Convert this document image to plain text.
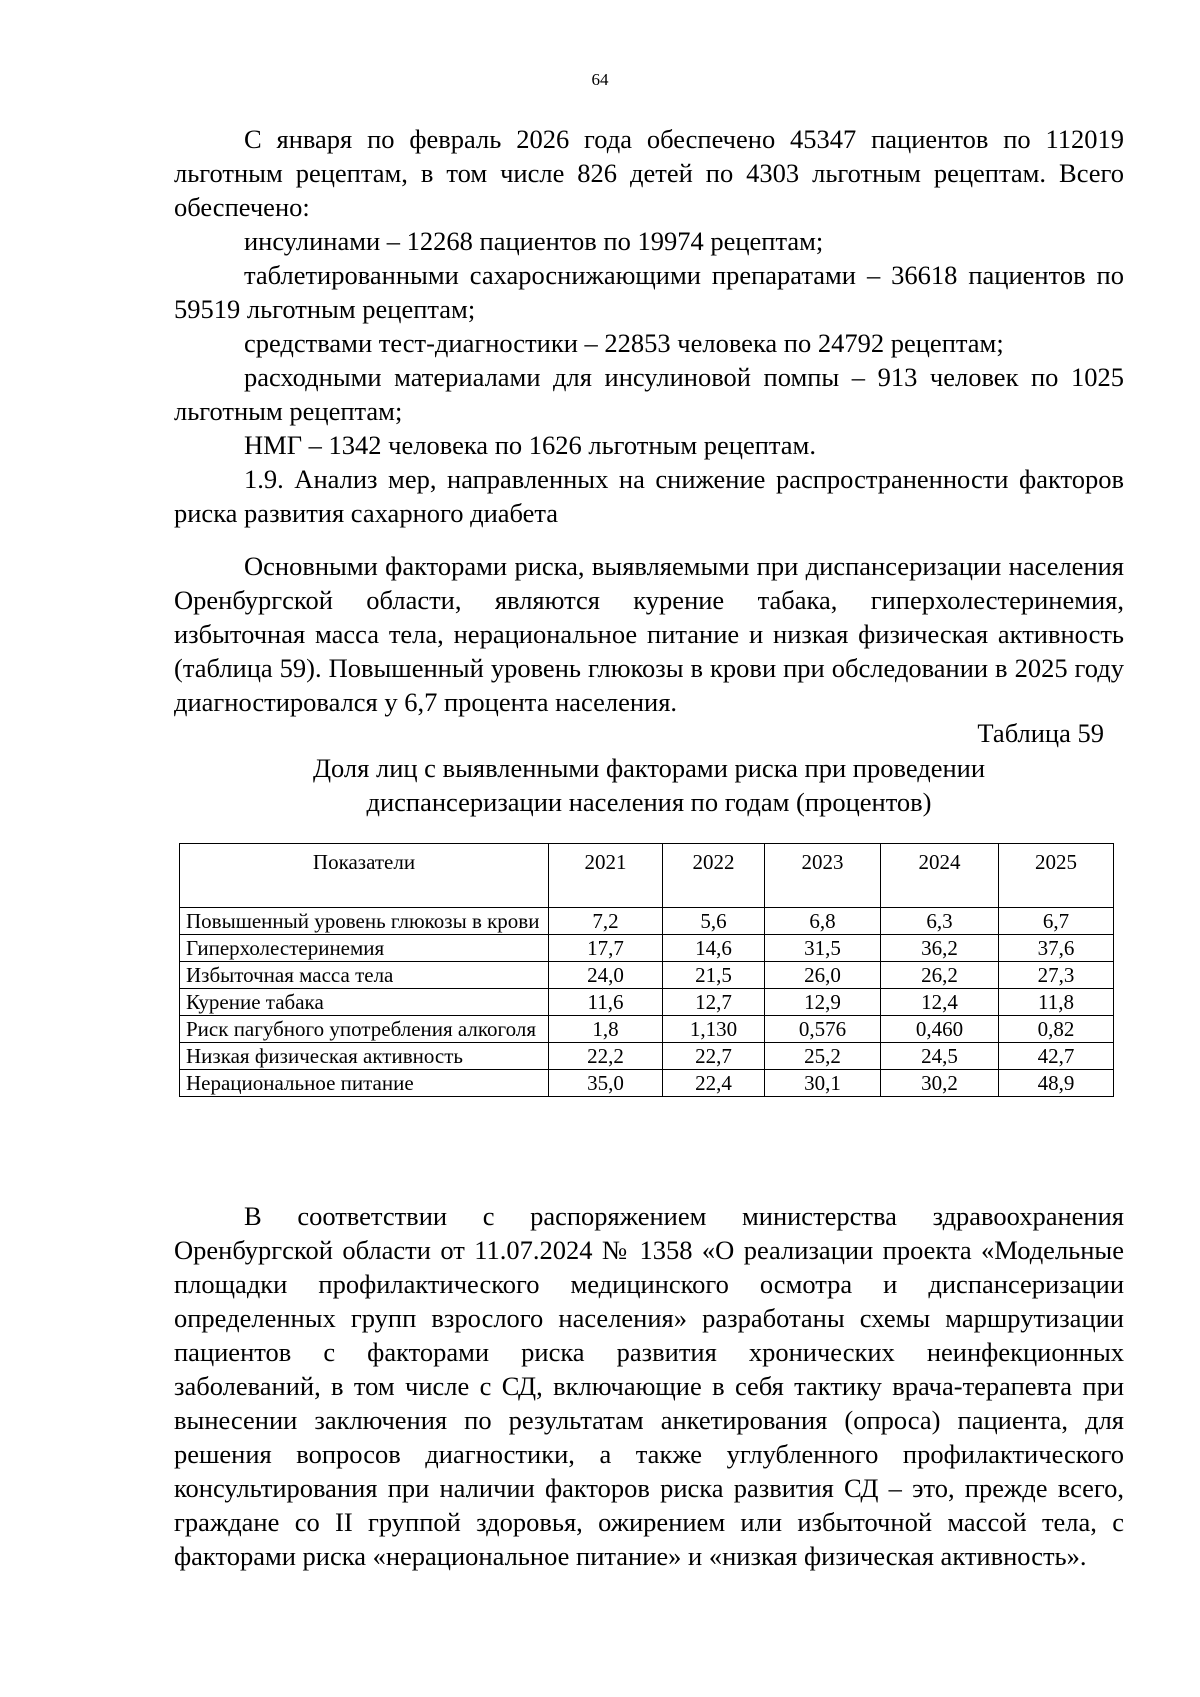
64

С января по февраль 2026 года обеспечено 45347 пациентов по 112019 льготным рецептам, в том числе 826 детей по 4303 льготным рецептам. Всего обеспечено:

инсулинами – 12268 пациентов по 19974 рецептам;

таблетированными сахароснижающими препаратами – 36618 пациентов по 59519 льготным рецептам;

средствами тест-диагностики – 22853 человека по 24792 рецептам;

расходными материалами для инсулиновой помпы – 913 человек по 1025 льготным рецептам;

НМГ – 1342 человека по 1626 льготным рецептам.

1.9. Анализ мер, направленных на снижение распространенности факторов риска развития сахарного диабета

Основными факторами риска, выявляемыми при диспансеризации населения Оренбургской области, являются курение табака, гиперхолестеринемия, избыточная масса тела, нерациональное питание и низкая физическая активность (таблица 59). Повышенный уровень глюкозы в крови при обследовании в 2025 году диагностировался у 6,7 процента населения.

Таблица 59
Доля лиц с выявленными факторами риска при проведении
диспансеризации населения по годам (процентов)
Показатели	2021	2022	2023	2024	2025
Повышенный уровень глюкозы в крови	7,2	5,6	6,8	6,3	6,7
Гиперхолестеринемия	17,7	14,6	31,5	36,2	37,6
Избыточная масса тела	24,0	21,5	26,0	26,2	27,3
Курение табака	11,6	12,7	12,9	12,4	11,8
Риск пагубного употребления алкоголя	1,8	1,130	0,576	0,460	0,82
Низкая физическая активность	22,2	22,7	25,2	24,5	42,7
Нерациональное питание	35,0	22,4	30,1	30,2	48,9

В соответствии с распоряжением министерства здравоохранения Оренбургской области от 11.07.2024 № 1358 «О реализации проекта «Модельные площадки профилактического медицинского осмотра и диспансеризации определенных групп взрослого населения» разработаны схемы маршрутизации пациентов с факторами риска развития хронических неинфекционных заболеваний, в том числе с СД, включающие в себя тактику врача-терапевта при вынесении заключения по результатам анкетирования (опроса) пациента, для решения вопросов диагностики, а также углубленного профилактического консультирования при наличии факторов риска развития СД – это, прежде всего, граждане со II группой здоровья, ожирением или избыточной массой тела, с факторами риска «нерациональное питание» и «низкая физическая активность».
